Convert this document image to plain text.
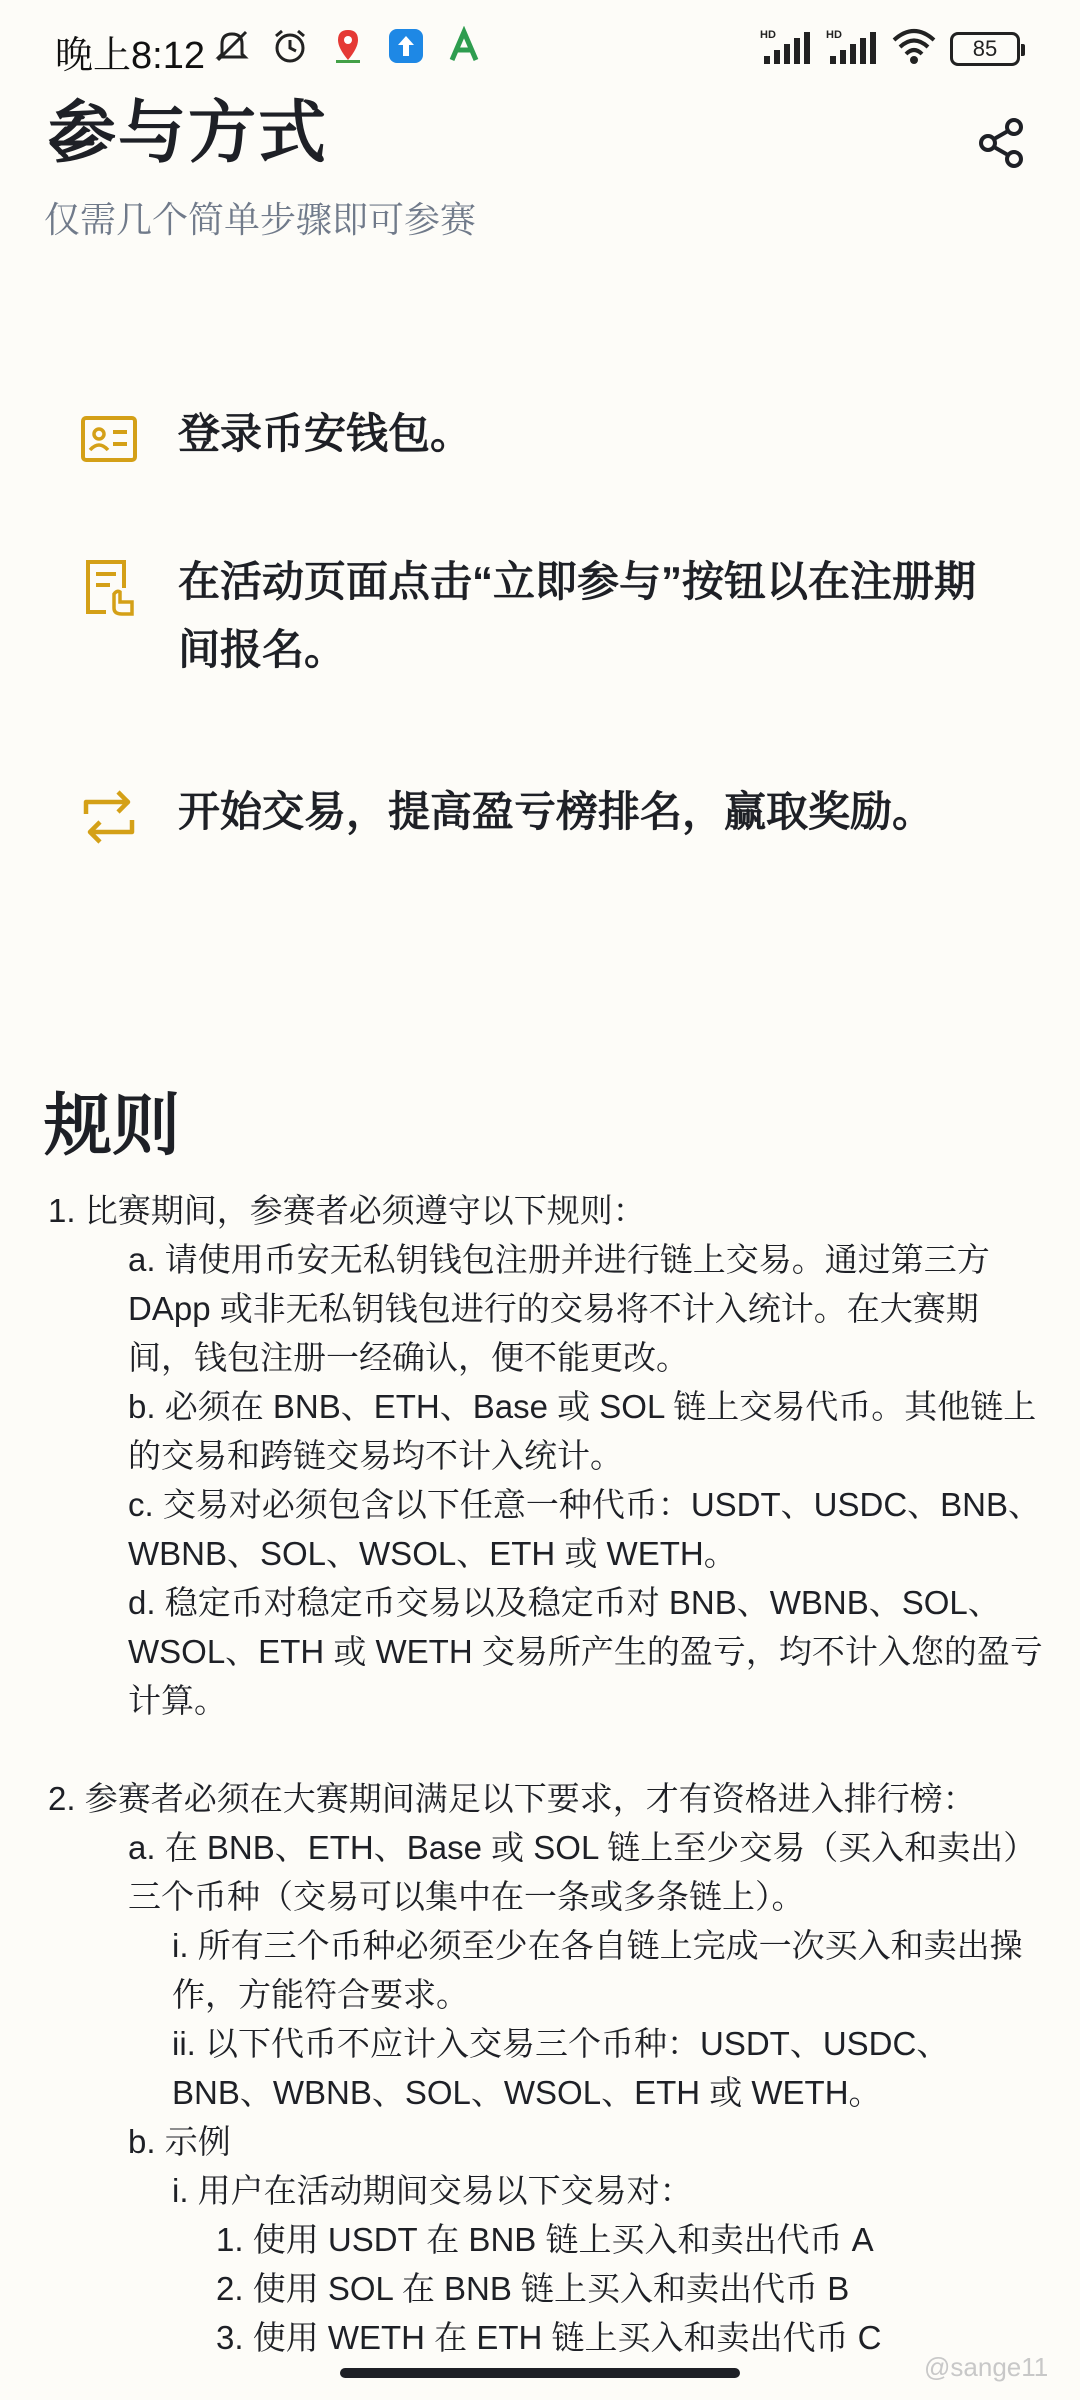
晚上8:12	HD	HD
85
参与方式
仅需几个简单步骤即可参赛
登录币安钱包。
在活动页面点击“立即参与”按钮以在注册期间报名。
开始交易，提高盈亏榜排名，赢取奖励。
规则
1. 比赛期间，参赛者必须遵守以下规则：
a. 请使用币安无私钥钱包注册并进行链上交易。通过第三方
DApp 或非无私钥钱包进行的交易将不计入统计。在大赛期
间，钱包注册一经确认，便不能更改。
b. 必须在 BNB、ETH、Base 或 SOL 链上交易代币。其他链上
的交易和跨链交易均不计入统计。
c. 交易对必须包含以下任意一种代币：USDT、USDC、BNB、
WBNB、SOL、WSOL、ETH 或 WETH。
d. 稳定币对稳定币交易以及稳定币对 BNB、WBNB、SOL、
WSOL、ETH 或 WETH 交易所产生的盈亏，均不计入您的盈亏
计算。
2. 参赛者必须在大赛期间满足以下要求，才有资格进入排行榜：
a. 在 BNB、ETH、Base 或 SOL 链上至少交易（买入和卖出）
三个币种（交易可以集中在一条或多条链上）。
i. 所有三个币种必须至少在各自链上完成一次买入和卖出操
作，方能符合要求。
ii. 以下代币不应计入交易三个币种：USDT、USDC、
BNB、WBNB、SOL、WSOL、ETH 或 WETH。
b. 示例
i. 用户在活动期间交易以下交易对：
1. 使用 USDT 在 BNB 链上买入和卖出代币 A
2. 使用 SOL 在 BNB 链上买入和卖出代币 B
3. 使用 WETH 在 ETH 链上买入和卖出代币 C
@sange11
